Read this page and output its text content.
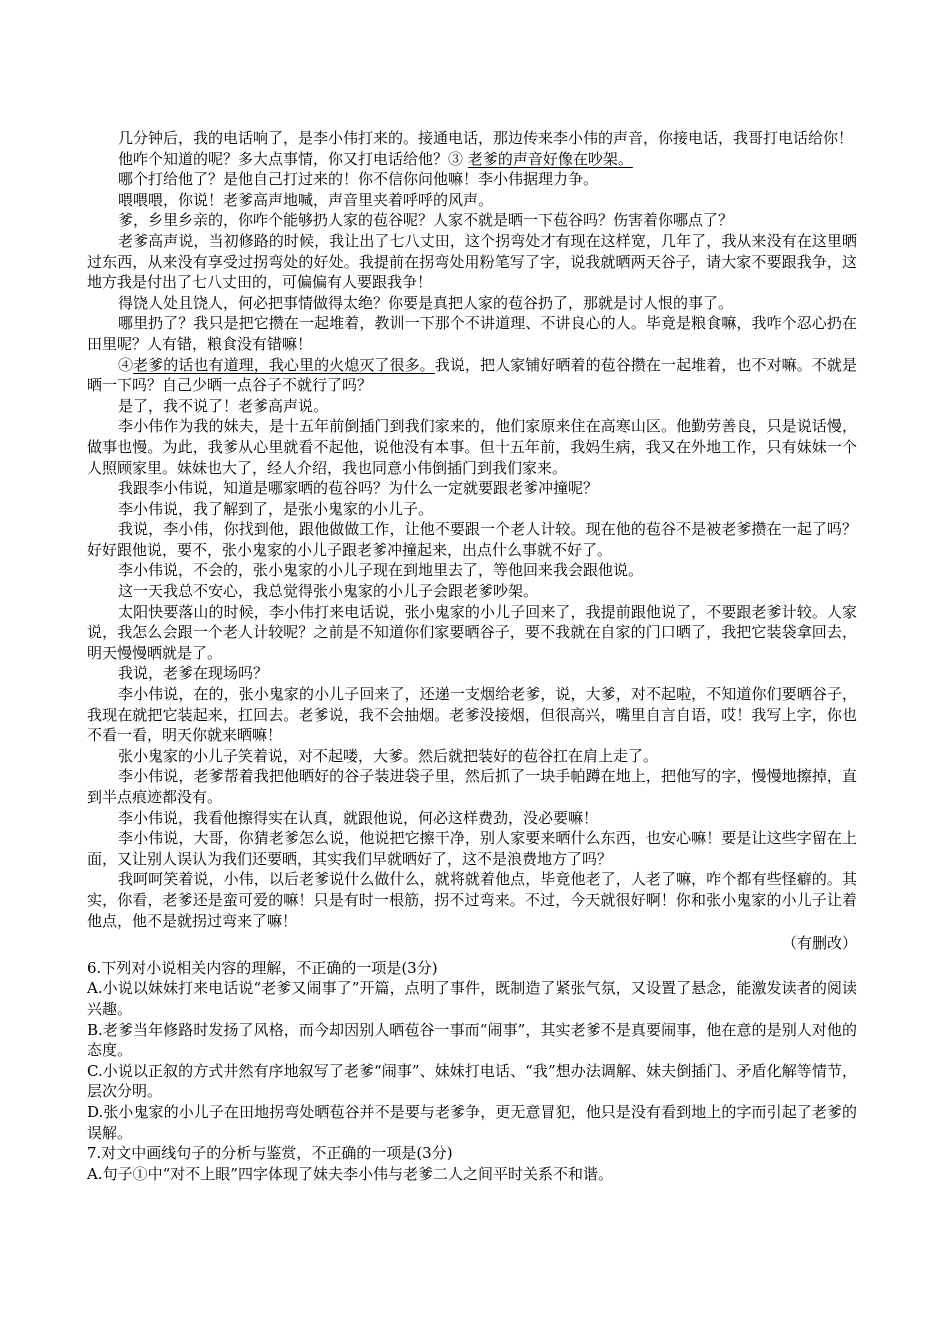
几分钟后，我的电话响了，是李小伟打来的。接通电话，那边传来李小伟的声音，你接电话，我哥打电话给你！

他咋个知道的呢？多大点事情，你又打电话给他？③ 老爹的声音好像在吵架。

哪个打给他了？是他自己打过来的！你不信你问他嘛！李小伟据理力争。

喂喂喂，你说！老爹高声地喊，声音里夹着呼呼的风声。

爹，乡里乡亲的，你咋个能够扔人家的苞谷呢？人家不就是晒一下苞谷吗？伤害着你哪点了？

老爹高声说，当初修路的时候，我让出了七八丈田，这个拐弯处才有现在这样宽，几年了，我从来没有在这里晒过东西，从来没有享受过拐弯处的好处。我提前在拐弯处用粉笔写了字，说我就晒两天谷子，请大家不要跟我争，这地方我是付出了七八丈田的，可偏偏有人要跟我争！

得饶人处且饶人，何必把事情做得太绝？你要是真把人家的苞谷扔了，那就是讨人恨的事了。

哪里扔了？我只是把它攒在一起堆着，教训一下那个不讲道理、不讲良心的人。毕竟是粮食嘛，我咋个忍心扔在田里呢？人有错，粮食没有错嘛！

④老爹的话也有道理，我心里的火熄灭了很多。我说，把人家铺好晒着的苞谷攒在一起堆着，也不对嘛。不就是晒一下吗？自己少晒一点谷子不就行了吗？

是了，我不说了！老爹高声说。

李小伟作为我的妹夫，是十五年前倒插门到我们家来的，他们家原来住在高寒山区。他勤劳善良，只是说话慢，做事也慢。为此，我爹从心里就看不起他，说他没有本事。但十五年前，我妈生病，我又在外地工作，只有妹妹一个人照顾家里。妹妹也大了，经人介绍，我也同意小伟倒插门到我们家来。

我跟李小伟说，知道是哪家晒的苞谷吗？为什么一定就要跟老爹冲撞呢？

李小伟说，我了解到了，是张小鬼家的小儿子。

我说，李小伟，你找到他，跟他做做工作，让他不要跟一个老人计较。现在他的苞谷不是被老爹攒在一起了吗？好好跟他说，要不，张小鬼家的小儿子跟老爹冲撞起来，出点什么事就不好了。

李小伟说，不会的，张小鬼家的小儿子现在到地里去了，等他回来我会跟他说。

这一天我总不安心，我总觉得张小鬼家的小儿子会跟老爹吵架。

太阳快要落山的时候，李小伟打来电话说，张小鬼家的小儿子回来了，我提前跟他说了，不要跟老爹计较。人家说，我怎么会跟一个老人计较呢？之前是不知道你们家要晒谷子，要不我就在自家的门口晒了，我把它装袋拿回去，明天慢慢晒就是了。

我说，老爹在现场吗？

李小伟说，在的，张小鬼家的小儿子回来了，还递一支烟给老爹，说，大爹，对不起啦，不知道你们要晒谷子，我现在就把它装起来，扛回去。老爹说，我不会抽烟。老爹没接烟，但很高兴，嘴里自言自语，哎！我写上字，你也不看一看，明天你就来晒嘛！

张小鬼家的小儿子笑着说，对不起喽，大爹。然后就把装好的苞谷扛在肩上走了。

李小伟说，老爹帮着我把他晒好的谷子装进袋子里，然后抓了一块手帕蹲在地上，把他写的字，慢慢地擦掉，直到半点痕迹都没有。

李小伟说，我看他擦得实在认真，就跟他说，何必这样费劲，没必要嘛！

李小伟说，大哥，你猜老爹怎么说，他说把它擦干净，别人家要来晒什么东西，也安心嘛！要是让这些字留在上面，又让别人误认为我们还要晒，其实我们早就晒好了，这不是浪费地方了吗？

我呵呵笑着说，小伟，以后老爹说什么做什么，就将就着他点，毕竟他老了，人老了嘛，咋个都有些怪癖的。其实，你看，老爹还是蛮可爱的嘛！只是有时一根筋，拐不过弯来。不过，今天就很好啊！你和张小鬼家的小儿子让着他点，他不是就拐过弯来了嘛！

（有删改）

6.下列对小说相关内容的理解，不正确的一项是(3分)

A.小说以妹妹打来电话说“老爹又闹事了”开篇，点明了事件，既制造了紧张气氛，又设置了悬念，能激发读者的阅读兴趣。

B.老爹当年修路时发扬了风格，而今却因别人晒苞谷一事而“闹事”，其实老爹不是真要闹事，他在意的是别人对他的态度。

C.小说以正叙的方式井然有序地叙写了老爹“闹事”、妹妹打电话、“我”想办法调解、妹夫倒插门、矛盾化解等情节，层次分明。

D.张小鬼家的小儿子在田地拐弯处晒苞谷并不是要与老爹争，更无意冒犯，他只是没有看到地上的字而引起了老爹的误解。

7.对文中画线句子的分析与鉴赏，不正确的一项是(3分)

A.句子①中“对不上眼”四字体现了妹夫李小伟与老爹二人之间平时关系不和谐。
